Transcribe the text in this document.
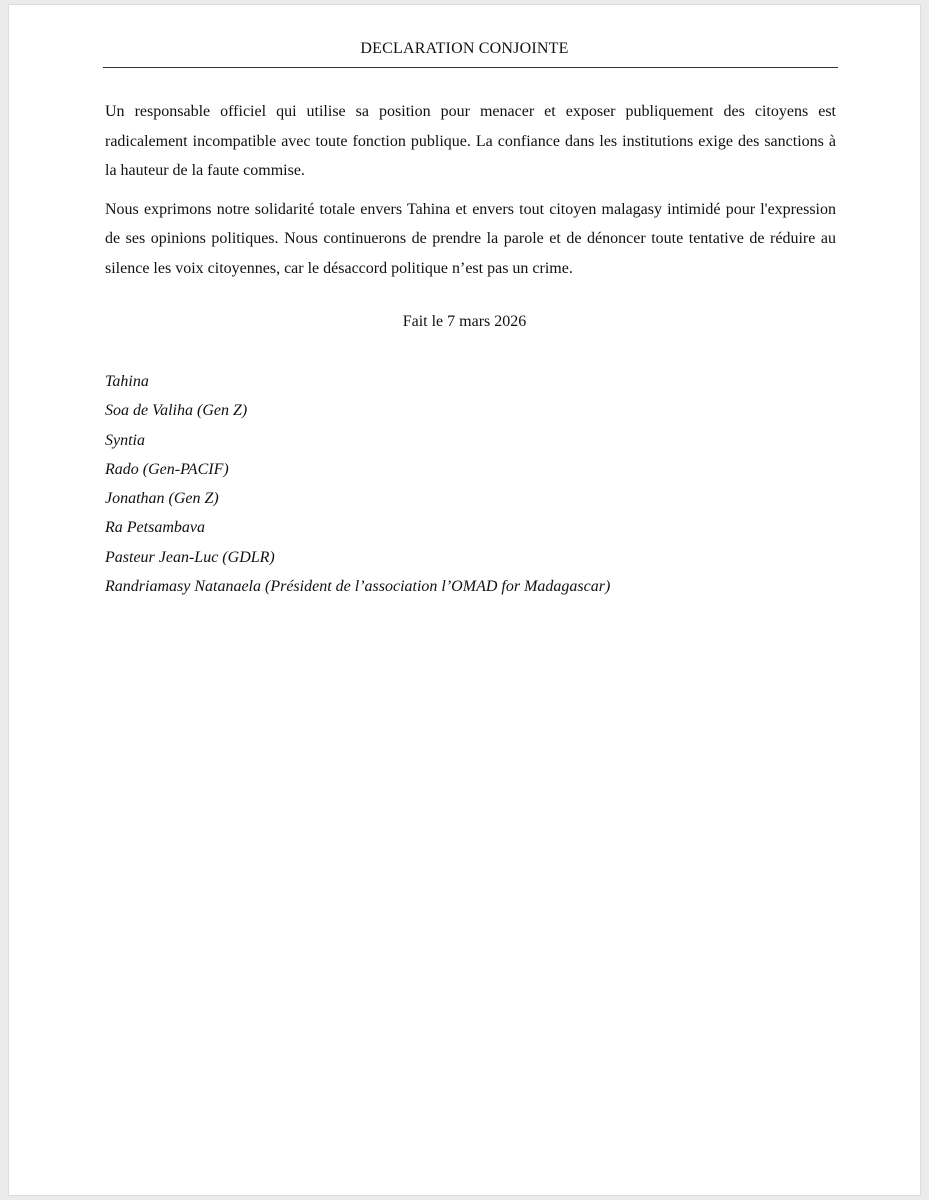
DECLARATION CONJOINTE

Un responsable officiel qui utilise sa position pour menacer et exposer publiquement des citoyens est radicalement incompatible avec toute fonction publique. La confiance dans les institutions exige des sanctions à la hauteur de la faute commise.

Nous exprimons notre solidarité totale envers Tahina et envers tout citoyen malagasy intimidé pour l'expression de ses opinions politiques. Nous continuerons de prendre la parole et de dénoncer toute tentative de réduire au silence les voix citoyennes, car le désaccord politique n’est pas un crime.

Fait le 7 mars 2026
Tahina
Soa de Valiha (Gen Z)
Syntia
Rado (Gen-PACIF)
Jonathan (Gen Z)
Ra Petsambava
Pasteur Jean-Luc (GDLR)
Randriamasy Natanaela (Président de l’association l’OMAD for Madagascar)
